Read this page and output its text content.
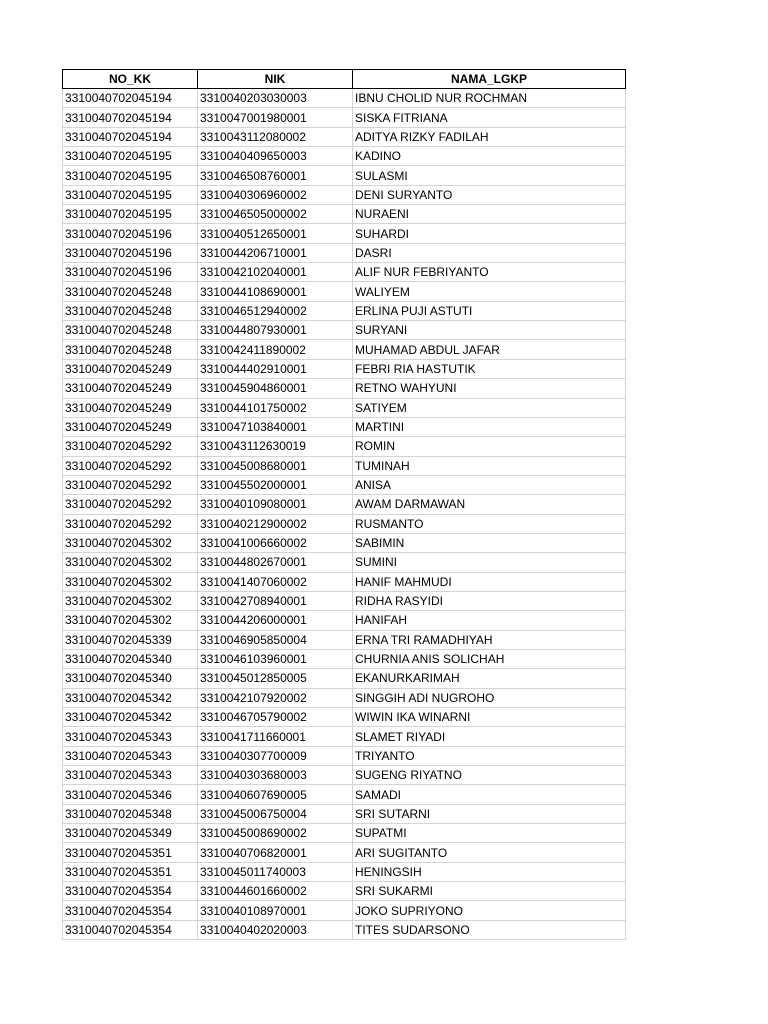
NO_KK	NIK	NAMA_LGKP
3310040702045194	3310040203030003	IBNU CHOLID NUR ROCHMAN
3310040702045194	3310047001980001	SISKA FITRIANA
3310040702045194	3310043112080002	ADITYA RIZKY FADILAH
3310040702045195	3310040409650003	KADINO
3310040702045195	3310046508760001	SULASMI
3310040702045195	3310040306960002	DENI SURYANTO
3310040702045195	3310046505000002	NURAENI
3310040702045196	3310040512650001	SUHARDI
3310040702045196	3310044206710001	DASRI
3310040702045196	3310042102040001	ALIF NUR FEBRIYANTO
3310040702045248	3310044108690001	WALIYEM
3310040702045248	3310046512940002	ERLINA PUJI ASTUTI
3310040702045248	3310044807930001	SURYANI
3310040702045248	3310042411890002	MUHAMAD ABDUL JAFAR
3310040702045249	3310044402910001	FEBRI RIA HASTUTIK
3310040702045249	3310045904860001	RETNO WAHYUNI
3310040702045249	3310044101750002	SATIYEM
3310040702045249	3310047103840001	MARTINI
3310040702045292	3310043112630019	ROMIN
3310040702045292	3310045008680001	TUMINAH
3310040702045292	3310045502000001	ANISA
3310040702045292	3310040109080001	AWAM DARMAWAN
3310040702045292	3310040212900002	RUSMANTO
3310040702045302	3310041006660002	SABIMIN
3310040702045302	3310044802670001	SUMINI
3310040702045302	3310041407060002	HANIF MAHMUDI
3310040702045302	3310042708940001	RIDHA RASYIDI
3310040702045302	3310044206000001	HANIFAH
3310040702045339	3310046905850004	ERNA TRI RAMADHIYAH
3310040702045340	3310046103960001	CHURNIA ANIS SOLICHAH
3310040702045340	3310045012850005	EKANURKARIMAH
3310040702045342	3310042107920002	SINGGIH ADI NUGROHO
3310040702045342	3310046705790002	WIWIN IKA WINARNI
3310040702045343	3310041711660001	SLAMET RIYADI
3310040702045343	3310040307700009	TRIYANTO
3310040702045343	3310040303680003	SUGENG RIYATNO
3310040702045346	3310040607690005	SAMADI
3310040702045348	3310045006750004	SRI SUTARNI
3310040702045349	3310045008690002	SUPATMI
3310040702045351	3310040706820001	ARI SUGITANTO
3310040702045351	3310045011740003	HENINGSIH
3310040702045354	3310044601660002	SRI SUKARMI
3310040702045354	3310040108970001	JOKO SUPRIYONO
3310040702045354	3310040402020003	TITES SUDARSONO
